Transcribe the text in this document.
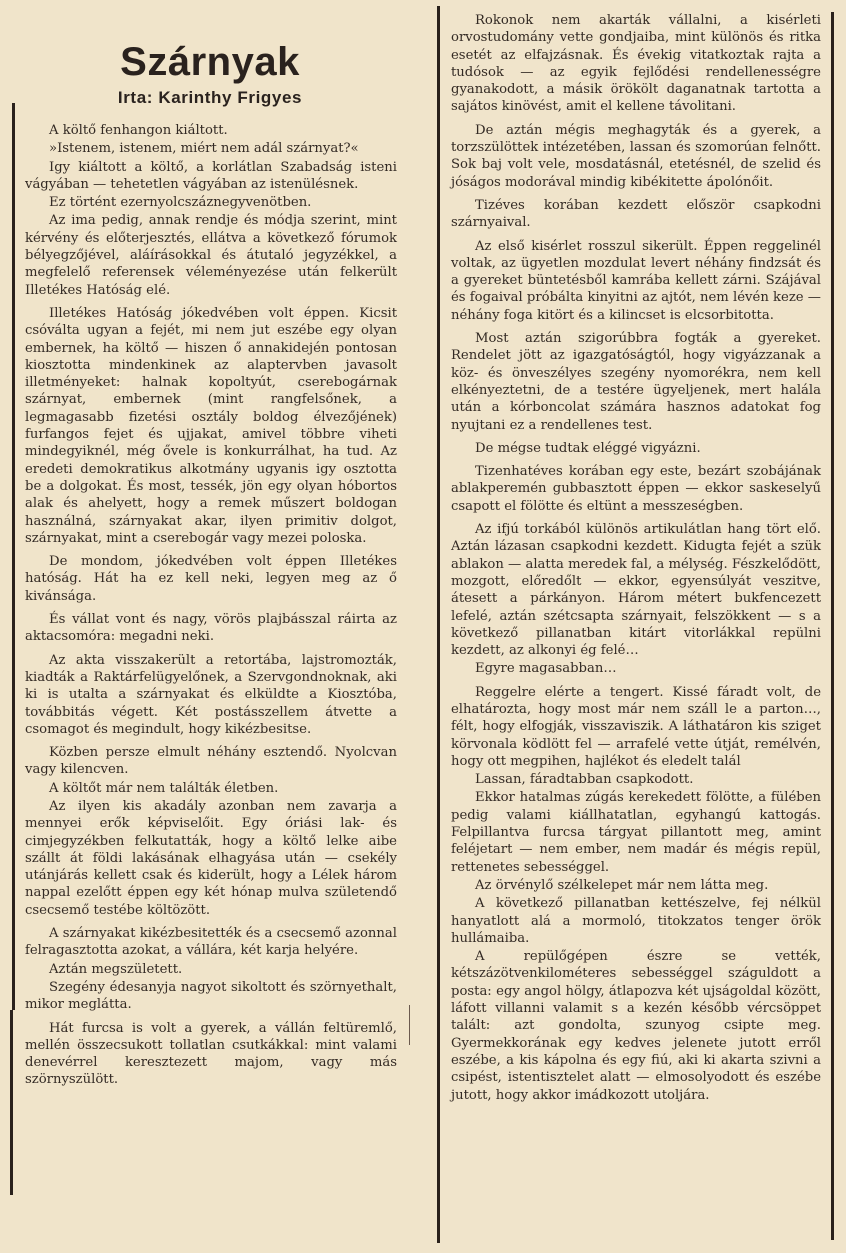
Szárnyak
Irta: Karinthy Frigyes

A költő fenhangon kiáltott.

»Istenem, istenem, miért nem adál szárnyat?«

Igy kiáltott a költő, a korlátlan Szabadság isteni vágyában — tehetetlen vágyában az istenülésnek.

Ez történt ezernyolcszáznegyvenötben.

Az ima pedig, annak rendje és módja szerint, mint kérvény és előterjesztés, ellátva a következő fórumok bélyegzőjével, aláírásokkal és átutaló jegyzékkel, a megfelelő referensek véleményezése után felkerült Illetékes Hatóság elé.

Illetékes Hatóság jókedvében volt éppen. Kicsit csóválta ugyan a fejét, mi nem jut eszébe egy olyan embernek, ha költő — hiszen ő annakidején pontosan kiosztotta mindenkinek az alaptervben javasolt illetményeket: halnak kopoltyút, cserebogárnak szárnyat, embernek (mint rangfelsőnek, a legmagasabb fizetési osztály boldog élvezőjének) furfangos fejet és ujjakat, amivel többre viheti mindegyiknél, még ővele is konkurrálhat, ha tud. Az eredeti demokratikus alkotmány ugyanis igy osztotta be a dolgokat. És most, tessék, jön egy olyan hóbortos alak és ahelyett, hogy a remek műszert boldogan használná, szárnyakat akar, ilyen primitiv dolgot, szárnyakat, mint a cserebogár vagy mezei poloska.

De mondom, jókedvében volt éppen Illetékes hatóság. Hát ha ez kell neki, legyen meg az ő kivánsága.

És vállat vont és nagy, vörös plajbásszal ráirta az aktacsomóra: megadni neki.

Az akta visszakerült a retortába, lajstromozták, kiadták a Raktárfelügyelőnek, a Szervgondnoknak, aki ki is utalta a szárnyakat és elküldte a Kiosztóba, továbbitás végett. Két postásszellem átvette a csomagot és megindult, hogy kikézbesitse.

Közben persze elmult néhány esztendő. Nyolcvan vagy kilencven.

A költőt már nem találták életben.

Az ilyen kis akadály azonban nem zavarja a mennyei erők képviselőit. Egy óriási lak- és cimjegyzékben felkutatták, hogy a költő lelke aibe szállt át földi lakásának elhagyása után — csekély utánjárás kellett csak és kiderült, hogy a Lélek három nappal ezelőtt éppen egy két hónap mulva születendő csecsemő testébe költözött.

A szárnyakat kikézbesitették és a csecsemő azonnal felragasztotta azokat, a vállára, két karja helyére.

Aztán megszületett.

Szegény édesanyja nagyot sikoltott és szörnyethalt, mikor meglátta.

Hát furcsa is volt a gyerek, a vállán feltüremlő, mellén összecsukott tollatlan csutkákkal: mint valami denevérrel keresztezett majom, vagy más szörnyszülött.

Rokonok nem akarták vállalni, a kisérleti orvostudomány vette gondjaiba, mint különös és ritka esetét az elfajzásnak. És évekig vitatkoztak rajta a tudósok — az egyik fejlődési rendellenességre gyanakodott, a másik örökölt daganatnak tartotta a sajátos kinövést, amit el kellene távolitani.

De aztán mégis meghagyták és a gyerek, a torzszülöttek intézetében, lassan és szomorúan felnőtt. Sok baj volt vele, mosdatásnál, etetésnél, de szelid és jóságos modorával mindig kibékitette ápolónőit.

Tizéves korában kezdett először csapkodni szárnyaival.

Az első kisérlet rosszul sikerült. Éppen reggelinél voltak, az ügyetlen mozdulat levert néhány findzsát és a gyereket büntetésből kamrába kellett zárni. Szájával és fogaival próbálta kinyitni az ajtót, nem lévén keze — néhány foga kitört és a kilincset is elcsorbitotta.

Most aztán szigorúbbra fogták a gyereket. Rendelet jött az igazgatóságtól, hogy vigyázzanak a köz- és önveszélyes szegény nyomorékra, nem kell elkényeztetni, de a testére ügyeljenek, mert halála után a kórboncolat számára hasznos adatokat fog nyujtani ez a rendellenes test.

De mégse tudtak eléggé vigyázni.

Tizenhatéves korában egy este, bezárt szobájának ablakperemén gubbasztott éppen — ekkor saskeselyű csapott el fölötte és eltünt a messzeségben.

Az ifjú torkából különös artikulátlan hang tört elő. Aztán lázasan csapkodni kezdett. Kidugta fejét a szük ablakon — alatta meredek fal, a mélység. Fészkelődött, mozgott, előredőlt — ekkor, egyensúlyát veszitve, átesett a párkányon. Három métert bukfencezett lefelé, aztán szétcsapta szárnyait, felszökkent — s a következő pillanatban kitárt vitorlákkal repülni kezdett, az alkonyi ég felé…

Egyre magasabban…

Reggelre elérte a tengert. Kissé fáradt volt, de elhatározta, hogy most már nem száll le a parton…, félt, hogy elfogják, visszaviszik. A láthatáron kis sziget körvonala ködlött fel — arrafelé vette útját, remélvén, hogy ott megpihen, hajlékot és eledelt talál

Lassan, fáradtabban csapkodott.

Ekkor hatalmas zúgás kerekedett fölötte, a fülében pedig valami kiállhatatlan, egyhangú kattogás. Felpillantva furcsa tárgyat pillantott meg, amint feléjetart — nem ember, nem madár és mégis repül, rettenetes sebességgel.

Az örvénylő szélkelepet már nem látta meg.

A következő pillanatban kettészelve, fej nélkül hanyatlott alá a mormoló, titokzatos tenger örök hullámaiba.

A repülőgépen észre se vették, kétszázötvenkilométeres sebességgel száguldott a posta: egy angol hölgy, átlapozva két ujságoldal között, láfott villanni valamit s a kezén később vércsöppet talált: azt gondolta, szunyog csipte meg. Gyermekkorának egy kedves jelenete jutott erről eszébe, a kis kápolna és egy fiú, aki ki akarta szivni a csipést, istentisztelet alatt — elmosolyodott és eszébe jutott, hogy akkor imádkozott utoljára.
